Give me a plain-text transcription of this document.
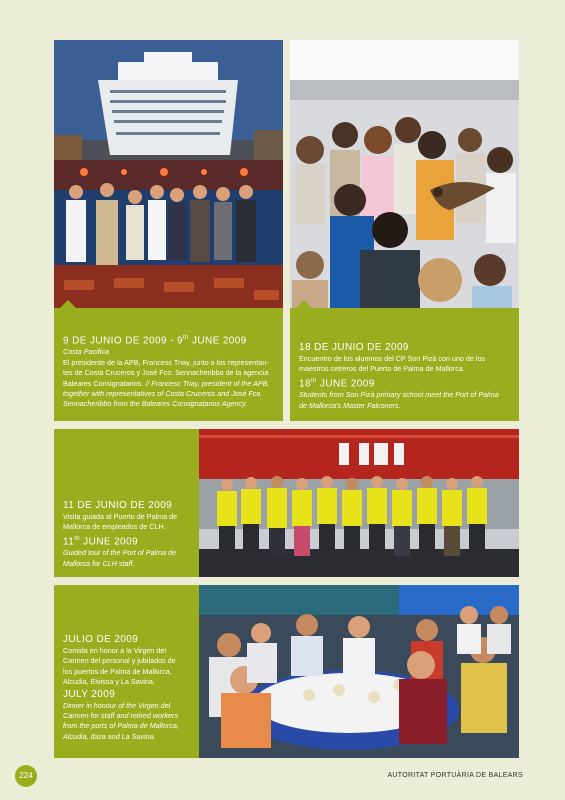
9 DE JUNIO DE 2009 - 9th JUNE 2009
Costa Pacifica
El presidente de la APB, Francesc Triay, junto a los representan-
tes de Costa Cruceros y José Fco. Sennacheribbo de la agencia
Baleares Consignatarios. // Francesc Triay, president of the APB,
together with representatives of Costa Cruceros and José Fco.
Sennacheribbo from the Baleares Consignatarios Agency.
18 DE JUNIO DE 2009
Encuentro de los alumnos del CP Son Pizà con uno de los
maestros cetreros del Puerto de Palma de Mallorca.
18th JUNE 2009
Students from Son Pizà primary school meet the Port of Palma
de Mallorca's Master Falconers.
11 DE JUNIO DE 2009
Visita guiada al Puerto de Palma de
Mallorca de empleados de CLH.
11th JUNE 2009
Guided tour of the Port of Palma de
Mallorca for CLH staff.
JULIO DE 2009
Comida en honor a la Virgen del
Carmen del personal y jubilados de
los puertos de Palma de Mallorca,
Alcudia, Eivissa y La Savina.
JULY 2009
Dinner in honour of the Virgen del
Carmen for staff and retired workers
from the ports of Palma de Mallorca,
Alcudia, Ibiza and La Savina.
224	AUTORITAT PORTUÀRIA DE BALEARS
